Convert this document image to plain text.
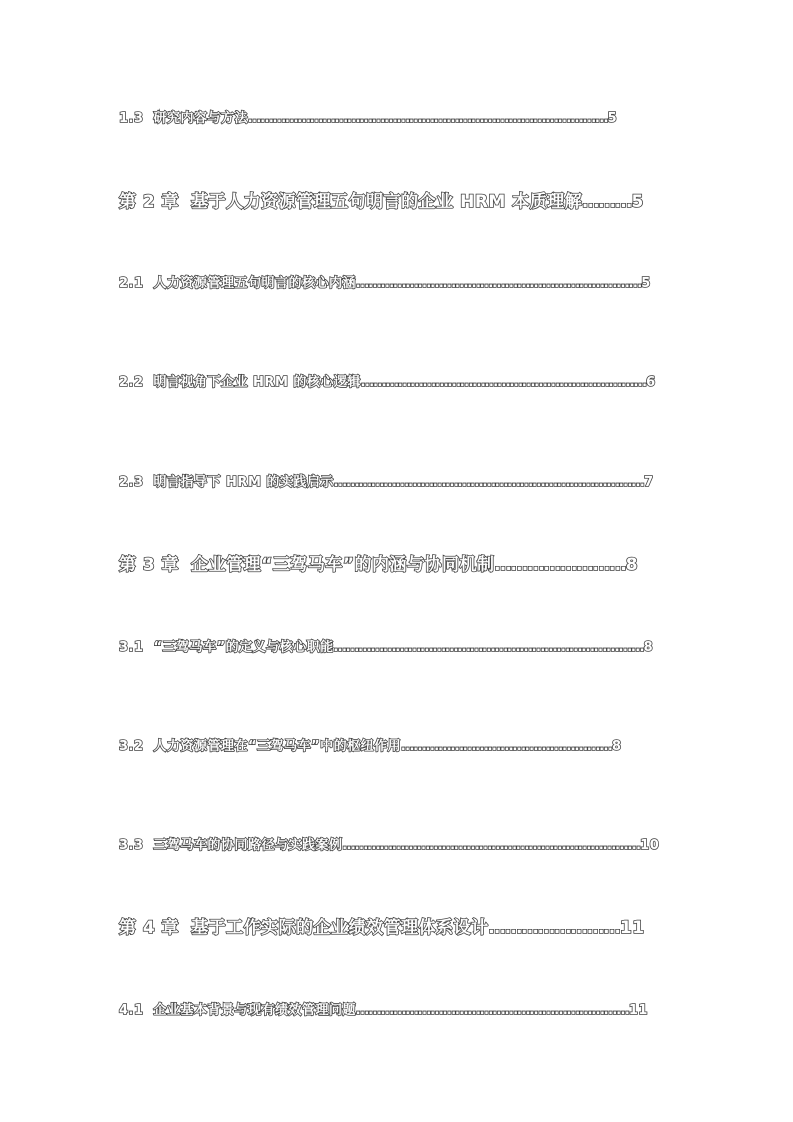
1.3 研究内容与方法……………………………………………………………………………5
第 2 章 基于人力资源管理五句明言的企业 HRM 本质理解………5
2.1 人力资源管理五句明言的核心内涵……………………………………………………………5
2.2 明言视角下企业 HRM 的核心逻辑……………………………………………………………6
2.3 明言指导下 HRM 的实践启示…………………………………………………………………7
第 3 章 企业管理“三驾马车”的内涵与协同机制……………………8
3.1 “三驾马车”的定义与核心职能…………………………………………………………………8
3.2 人力资源管理在“三驾马车”中的枢纽作用……………………………………………8
3.3 三驾马车的协同路径与实践案例………………………………………………………………10
第 4 章 基于工作实际的企业绩效管理体系设计……………………11
4.1 企业基本背景与现有绩效管理问题…………………………………………………………11
